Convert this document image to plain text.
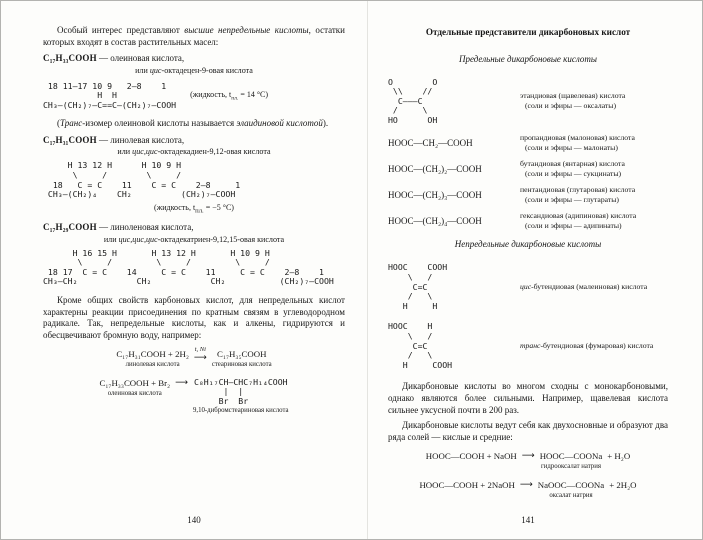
Особый интерес представляют высшие непредельные кислоты, остатки которых входят в состав растительных масел:

C₁₇H₃₃COOH — олеиновая кислота,
или цис-октадецен-9-овая кислота
18 11–17 10 9   2–8    1
H  H
CH₃—(CH₂)₇—C==C—(CH₂)₇—COOH
(жидкость, $t_{пл.} = 14$ °C)

(Транс-изомер олеиновой кислоты называется элаидиновой кислотой).

C₁₇H₃₁COOH — линолевая кислота,
или цис,цис-октадекадиен-9,12-овая кислота
H 13 12 H      H 10 9 H
\     /        \     /
18   C = C    11    C = C    2–8     1
CH₃—(CH₂)₄    CH₂          (CH₂)₇—COOH
(жидкость, $t_{пл.} = -5$ °C)
C₁₇H₂₉COOH — линоленовая кислота,
или цис,цис,цис-октадекатриен-9,12,15-овая кислота
H 16 15 H       H 13 12 H       H 10 9 H
\     /         \     /         \     /
18 17  C = C    14     C = C    11     C = C    2–8    1
CH₃—CH₂            CH₂            CH₂           (CH₂)₇—COOH

Кроме общих свойств карбоновых кислот, для непредельных кислот характерны реакции присоединения по кратным связям в углеводородном радикале. Так, непредельные кислоты, как и алкены, гидрируются и обесцвечивают бромную воду, например:

C₁₇H₃₁COOH + 2H₂
линолевая кислота
t, Ni
⟶ C₁₇H₃₅COOH
стеариновая кислота
C₁₇H₃₃COOH + Br₂
олеиновая кислота
⟶ C₈H₁₇CH—CHC₇H₁₄COOH
|  |
Br  Br
9,10-дибромстеариновая кислота
140
Отдельные представители дикарбоновых кислот
Предельные дикарбоновые кислоты
O        O
\\    //
C———C
/     \
HO      OH
этандиовая (щавелевая) кислота
(соли и эфиры — оксалаты)
HOOC—CH₂—COOH
пропандиовая (малоновая) кислота
(соли и эфиры — малонаты)
HOOC—(CH₂)₂—COOH
бутандиовая (янтарная) кислота
(соли и эфиры — сукцинаты)
HOOC—(CH₂)₃—COOH
пентандиовая (глутаровая) кислота
(соли и эфиры — глутараты)
HOOC—(CH₂)₄—COOH
гександиовая (адипиновая) кислота
(соли и эфиры — адипинаты)
Непредельные дикарбоновые кислоты
HOOC    COOH
\   /
C=C
/   \
H     H
цис-бутендиовая (малеиновая) кислота
HOOC    H
\   /
C=C
/   \
H     COOH
транс-бутендиовая (фумаровая) кислота

Дикарбоновые кислоты во многом сходны с монокарбоновыми, однако являются более сильными. Например, щавелевая кислота сильнее уксусной почти в 200 раз.

Дикарбоновые кислоты ведут себя как двухосновные и образуют два ряда солей — кислые и средние:

HOOC—COOH + NaOH ⟶ HOOC—COONa
гидрооксалат натрия
+ H₂O
HOOC—COOH + 2NaOH ⟶ NaOOC—COONa
оксалат натрия
+ 2H₂O
141
